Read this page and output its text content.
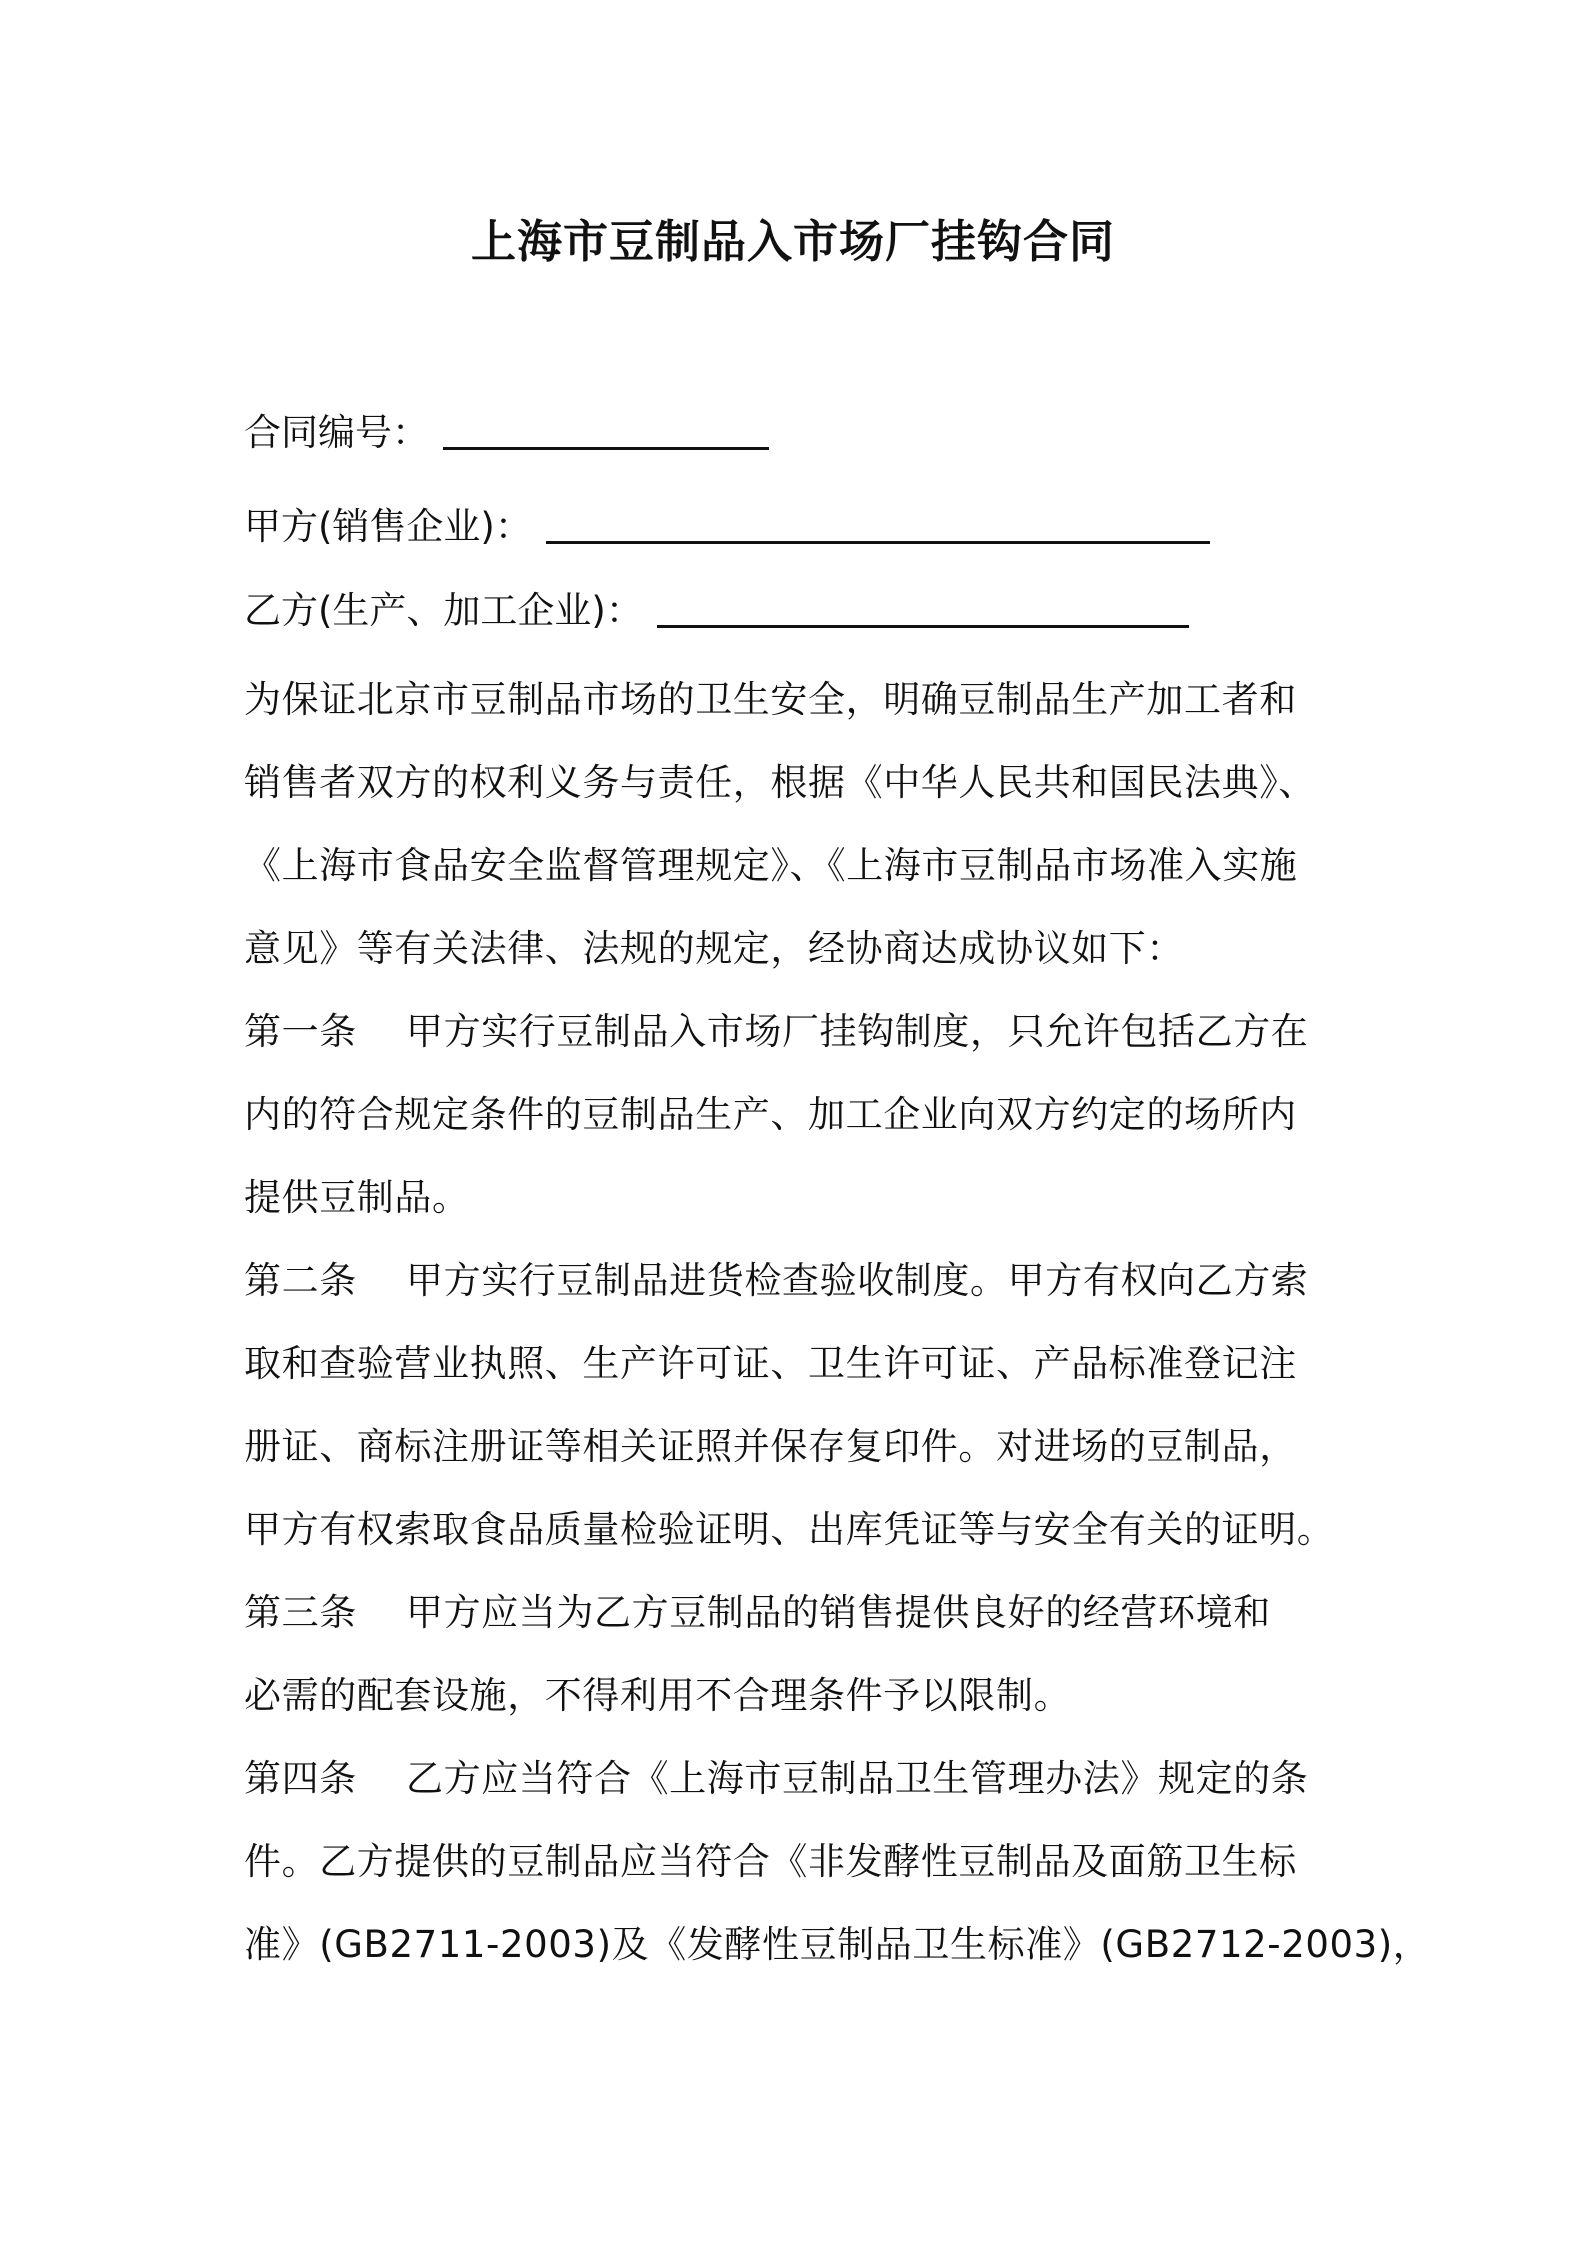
上海市豆制品入市场厂挂钩合同
合同编号：
甲方(销售企业)：
乙方(生产、加工企业)：
为保证北京市豆制品市场的卫生安全，明确豆制品生产加工者和
销售者双方的权利义务与责任，根据《中华人民共和国民法典》、
《上海市食品安全监督管理规定》、《上海市豆制品市场准入实施
意见》等有关法律、法规的规定，经协商达成协议如下：
第一条 甲方实行豆制品入市场厂挂钩制度，只允许包括乙方在
内的符合规定条件的豆制品生产、加工企业向双方约定的场所内
提供豆制品。
第二条 甲方实行豆制品进货检查验收制度。甲方有权向乙方索
取和查验营业执照、生产许可证、卫生许可证、产品标准登记注
册证、商标注册证等相关证照并保存复印件。对进场的豆制品，
甲方有权索取食品质量检验证明、出库凭证等与安全有关的证明。
第三条 甲方应当为乙方豆制品的销售提供良好的经营环境和
必需的配套设施，不得利用不合理条件予以限制。
第四条 乙方应当符合《上海市豆制品卫生管理办法》规定的条
件。乙方提供的豆制品应当符合《非发酵性豆制品及面筋卫生标
准》(GB2711-2003)及《发酵性豆制品卫生标准》(GB2712-2003)，
